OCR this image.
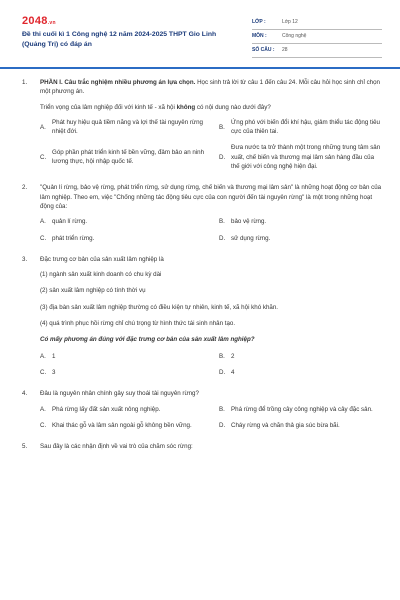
2048.vn
Đề thi cuối kì 1 Công nghệ 12 năm 2024-2025 THPT Gio Linh (Quảng Trị) có đáp án
LỚP :	Lớp 12
MÔN :	Công nghệ
SỐ CÂU :	28
1.	PHẦN I. Câu trắc nghiệm nhiều phương án lựa chọn. Học sinh trả lời từ câu 1 đến câu 24. Mỗi câu hỏi học sinh chỉ chọn một phương án.
Triển vọng của lâm nghiệp đối với kinh tế - xã hội không có nội dung nào dưới đây?
A.
Phát huy hiệu quả tiềm năng và lợi thế tài nguyên rừng nhiệt đới.
B.
Ứng phó với biến đổi khí hậu, giảm thiểu tác động tiêu cực của thiên tai.
C.
Góp phần phát triển kinh tế bền vững, đảm bảo an ninh lương thực, hội nhập quốc tế.
D.
Đưa nước ta trở thành một trong những trung tâm sản xuất, chế biến và thương mại lâm sản hàng đầu của thế giới với công nghệ hiện đại.
2.	"Quản lí rừng, bảo vệ rừng, phát triển rừng, sử dụng rừng, chế biến và thương mại lâm sản" là những hoạt động cơ bản của lâm nghiệp. Theo em, việc "Chống những tác động tiêu cực của con người đến tài nguyên rừng" là một trong những hoạt động của:
A. quản lí rừng.	B. bảo vệ rừng.
C. phát triển rừng.	D. sử dụng rừng.
3.	Đặc trưng cơ bản của sản xuất lâm nghiệp là
(1) ngành sản xuất kinh doanh có chu kỳ dài
(2) sản xuất lâm nghiệp có tính thời vụ
(3) địa bàn sản xuất lâm nghiệp thường có điều kiện tự nhiên, kinh tế, xã hội khó khăn.
(4) quá trình phục hồi rừng chỉ chú trọng từ hình thức tái sinh nhân tạo.
Có mấy phương án đúng với đặc trưng cơ bản của sản xuất lâm nghiệp?
A. 1	B. 2
C. 3	D. 4
4.	Đâu là nguyên nhân chính gây suy thoái tài nguyên rừng?
A. Phá rừng lấy đất sản xuất nông nghiệp.	B. Phá rừng để trồng cây công nghiệp và cây đặc sản.
C. Khai thác gỗ và lâm sản ngoài gỗ không bền vững.	D. Cháy rừng và chăn thả gia súc bừa bãi.
5.	Sau đây là các nhận định về vai trò của chăm sóc rừng:
